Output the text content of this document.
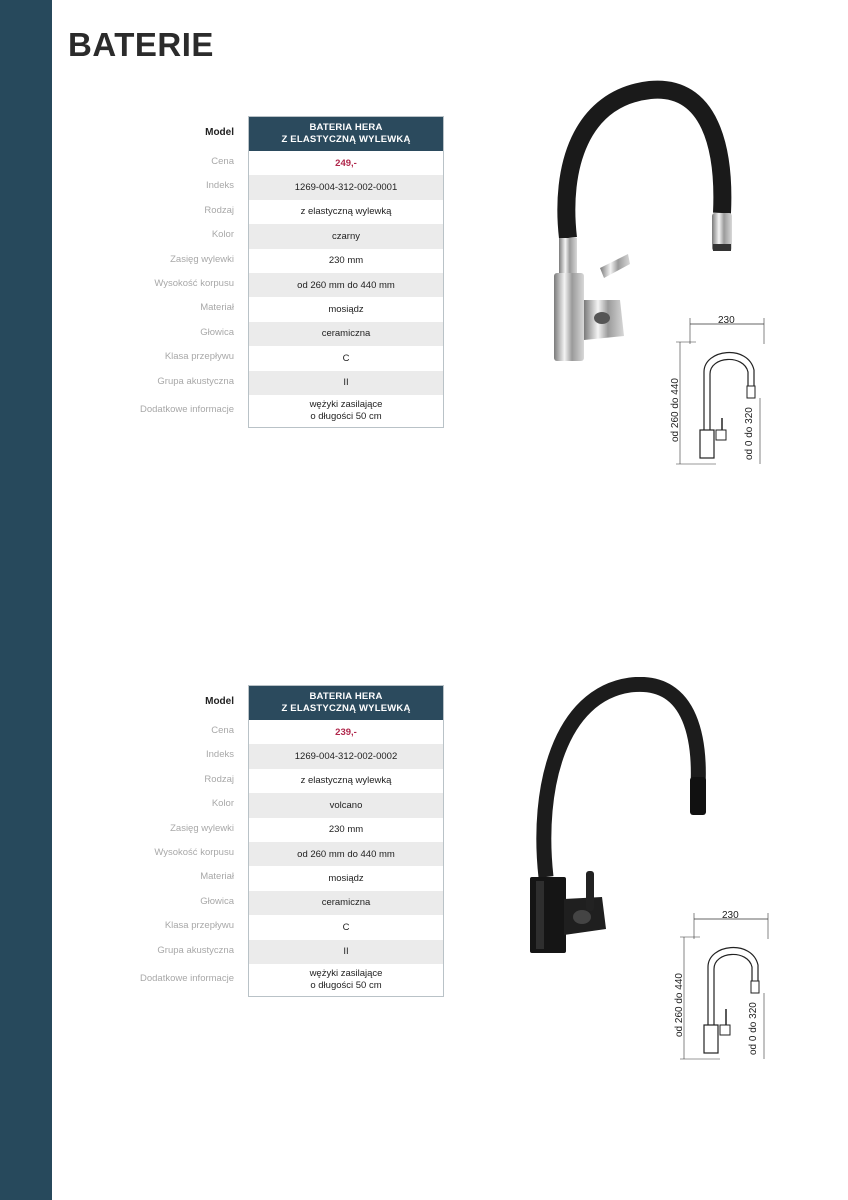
BATERIE
Model
Cena
Indeks
Rodzaj
Kolor
Zasięg wylewki
Wysokość korpusu
Materiał
Głowica
Klasa przepływu
Grupa akustyczna
Dodatkowe informacje
BATERIA HERA
Z ELASTYCZNĄ WYLEWKĄ
249,-
1269-004-312-002-0001
z elastyczną wylewką
czarny
230 mm
od 260 mm do 440 mm
mosiądz
ceramiczna
C
II
wężyki zasilające
o długości 50 cm
230
od 260 do 440	od 0 do 320
Model
Cena
Indeks
Rodzaj
Kolor
Zasięg wylewki
Wysokość korpusu
Materiał
Głowica
Klasa przepływu
Grupa akustyczna
Dodatkowe informacje
BATERIA HERA
Z ELASTYCZNĄ WYLEWKĄ
239,-
1269-004-312-002-0002
z elastyczną wylewką
volcano
230 mm
od 260 mm do 440 mm
mosiądz
ceramiczna
C
II
wężyki zasilające
o długości 50 cm
230
od 260 do 440	od 0 do 320
